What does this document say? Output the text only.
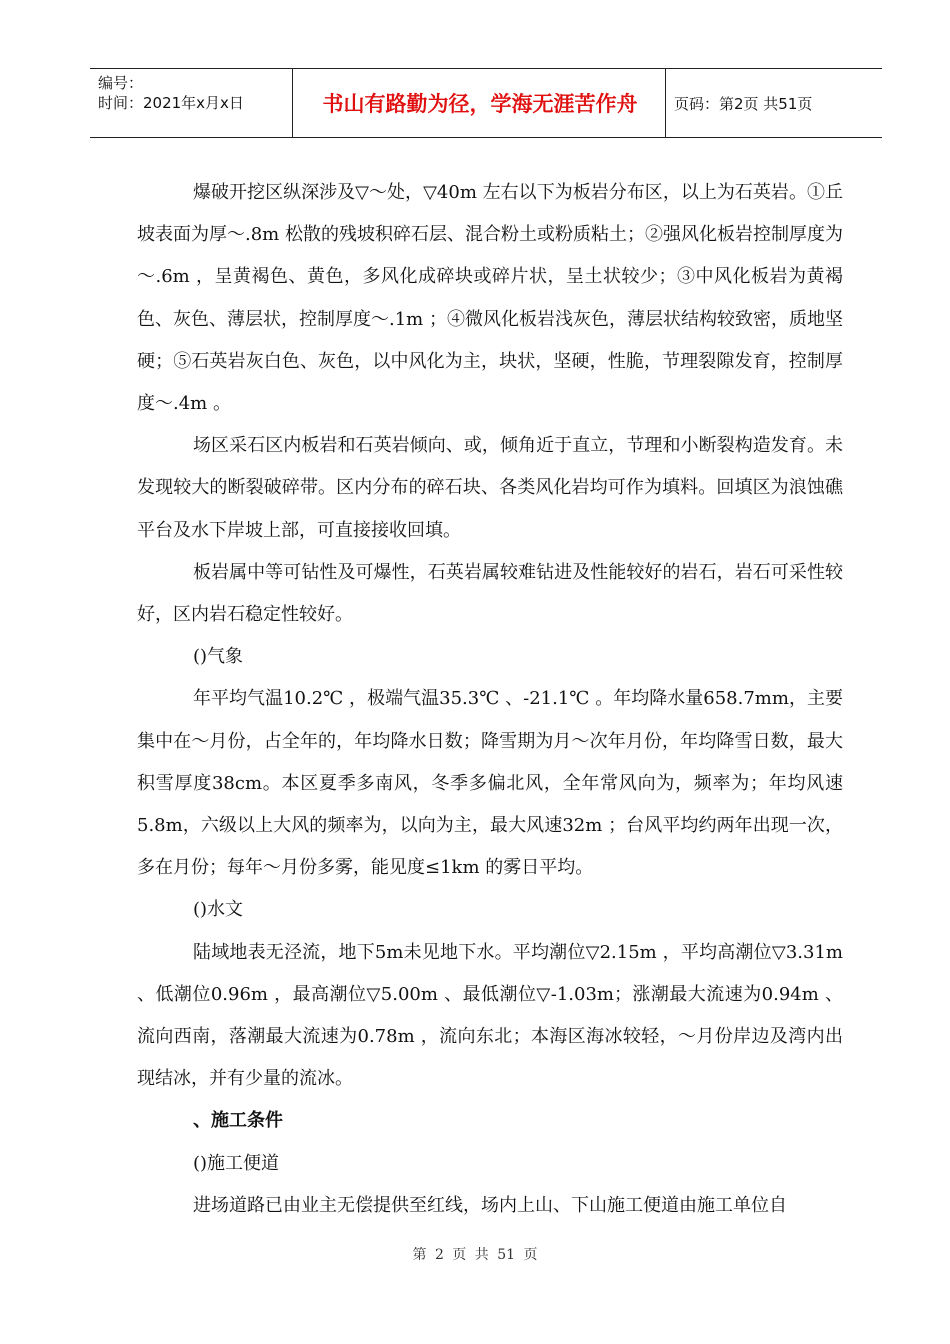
编号：
时间：2021年x月x日	书山有路勤为径，学海无涯苦作舟	页码：第2页 共51页

爆破开挖区纵深涉及▽～处，▽40m 左右以下为板岩分布区，以上为石英岩。①丘坡表面为厚～.8m 松散的残坡积碎石层、混合粉土或粉质粘土；②强风化板岩控制厚度为～.6m ，呈黄褐色、黄色，多风化成碎块或碎片状，呈土状较少；③中风化板岩为黄褐色、灰色、薄层状，控制厚度～.1m ；④微风化板岩浅灰色，薄层状结构较致密，质地坚硬；⑤石英岩灰白色、灰色，以中风化为主，块状，坚硬，性脆，节理裂隙发育，控制厚度～.4m 。

场区采石区内板岩和石英岩倾向、或，倾角近于直立，节理和小断裂构造发育。未发现较大的断裂破碎带。区内分布的碎石块、各类风化岩均可作为填料。回填区为浪蚀礁平台及水下岸坡上部，可直接接收回填。

板岩属中等可钻性及可爆性，石英岩属较难钻进及性能较好的岩石，岩石可采性较好，区内岩石稳定性较好。

()气象

年平均气温10.2℃ ，极端气温35.3℃ 、-21.1℃ 。年均降水量658.7mm，主要集中在～月份，占全年的，年均降水日数；降雪期为月～次年月份，年均降雪日数，最大积雪厚度38cm。本区夏季多南风，冬季多偏北风，全年常风向为，频率为；年均风速5.8m，六级以上大风的频率为，以向为主，最大风速32m ；台风平均约两年出现一次，多在月份；每年～月份多雾，能见度≤1km 的雾日平均。

()水文

陆域地表无泾流，地下5m未见地下水。平均潮位▽2.15m ，平均高潮位▽3.31m 、低潮位0.96m ，最高潮位▽5.00m 、最低潮位▽-1.03m；涨潮最大流速为0.94m 、流向西南，落潮最大流速为0.78m ，流向东北；本海区海冰较轻，～月份岸边及湾内出现结冰，并有少量的流冰。

、施工条件

()施工便道

进场道路已由业主无偿提供至红线，场内上山、下山施工便道由施工单位自

第 2 页 共 51 页
